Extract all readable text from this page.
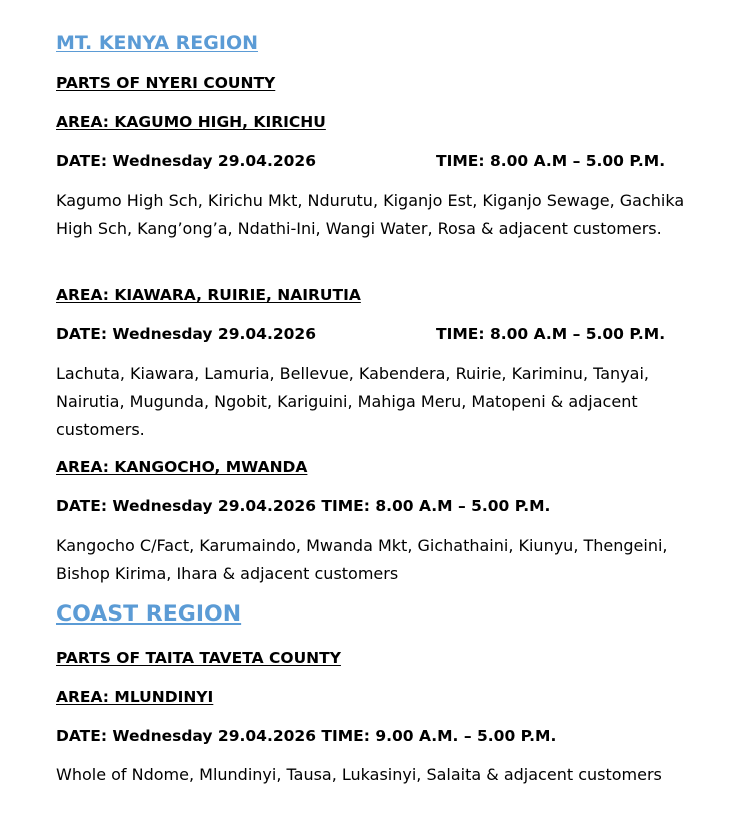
MT. KENYA REGION

PARTS OF NYERI COUNTY

AREA: KAGUMO HIGH, KIRICHU

DATE: Wednesday 29.04.2026	TIME: 8.00 A.M – 5.00 P.M.

Kagumo High Sch, Kirichu Mkt, Ndurutu, Kiganjo Est, Kiganjo Sewage, Gachika High Sch, Kang’ong’a, Ndathi-Ini, Wangi Water, Rosa & adjacent customers.

AREA: KIAWARA, RUIRIE, NAIRUTIA

DATE: Wednesday 29.04.2026	TIME: 8.00 A.M – 5.00 P.M.

Lachuta, Kiawara, Lamuria, Bellevue, Kabendera, Ruirie, Kariminu, Tanyai, Nairutia, Mugunda, Ngobit, Kariguini, Mahiga Meru, Matopeni & adjacent customers.

AREA: KANGOCHO, MWANDA

DATE: Wednesday 29.04.2026 TIME: 8.00 A.M – 5.00 P.M.

Kangocho C/Fact, Karumaindo, Mwanda Mkt, Gichathaini, Kiunyu, Thengeini, Bishop Kirima, Ihara & adjacent customers

COAST REGION

PARTS OF TAITA TAVETA COUNTY

AREA: MLUNDINYI

DATE: Wednesday 29.04.2026 TIME: 9.00 A.M. – 5.00 P.M.

Whole of Ndome, Mlundinyi, Tausa, Lukasinyi, Salaita & adjacent customers
